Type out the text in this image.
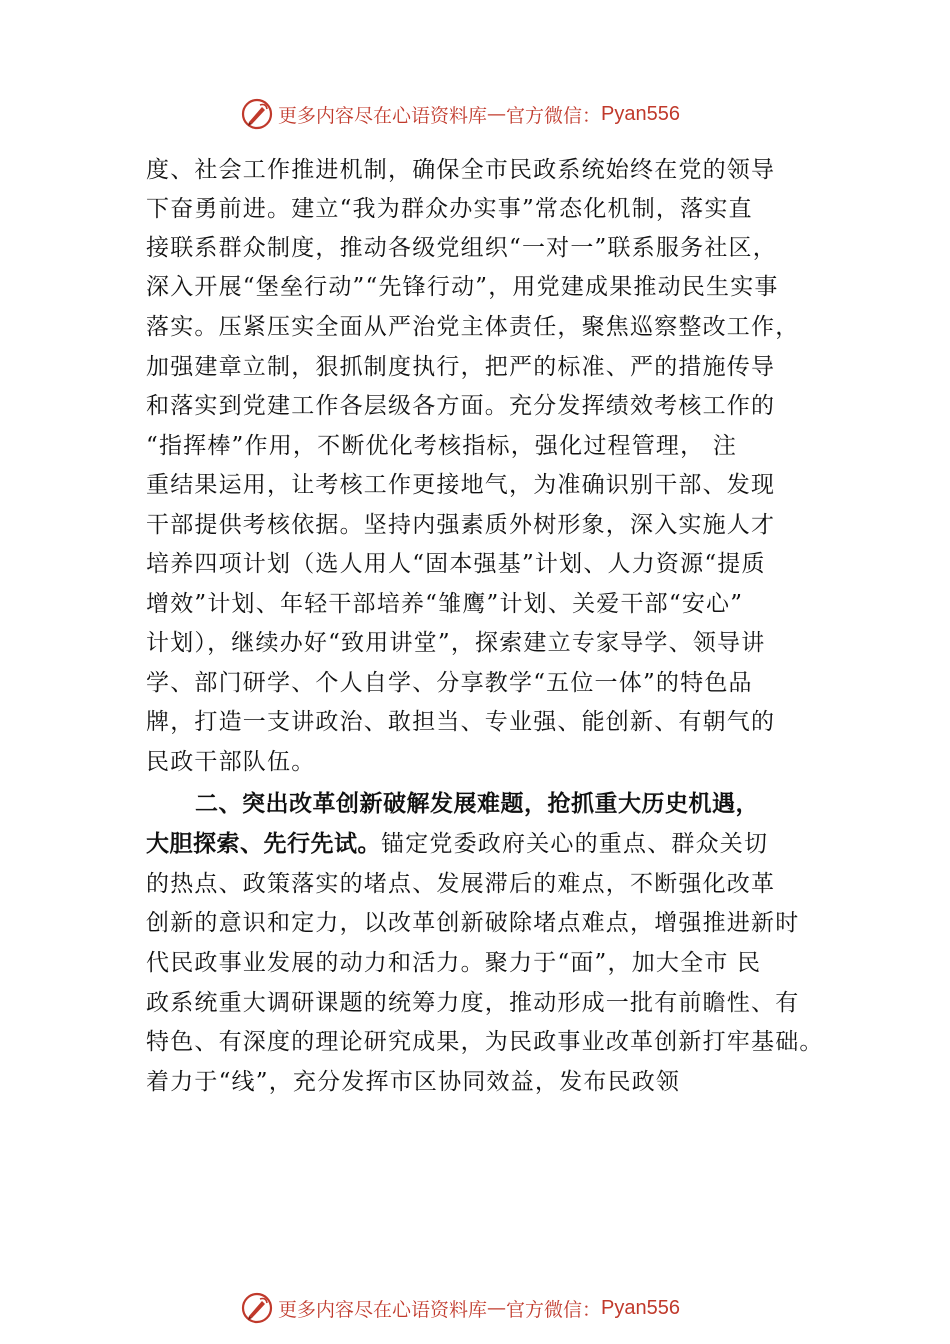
更多内容尽在心语资料库 — 官方微信： Pyan556
度、社会工作推进机制，确保全市民政系统始终在党的领导
下奋勇前进。建立“我为群众办实事”常态化机制，落实直
接联系群众制度，推动各级党组织“一对一”联系服务社区，
深入开展“堡垒行动”“先锋行动”，用党建成果推动民生实事
落实。压紧压实全面从严治党主体责任，聚焦巡察整改工作，
加强建章立制，狠抓制度执行，把严的标准、严的措施传导
和落实到党建工作各层级各方面。充分发挥绩效考核工作的
“指挥棒”作用，不断优化考核指标，强化过程管理， 注
重结果运用，让考核工作更接地气，为准确识别干部、发现
干部提供考核依据。坚持内强素质外树形象，深入实施人才
培养四项计划（选人用人“固本强基”计划、人力资源“提质
增效”计划、年轻干部培养“雏鹰”计划、关爱干部“安心”
计划），继续办好“致用讲堂”，探索建立专家导学、领导讲
学、部门研学、个人自学、分享教学“五位一体”的特色品
牌，打造一支讲政治、敢担当、专业强、能创新、有朝气的
民政干部队伍。
二、突出改革创新破解发展难题，抢抓重大历史机遇，
大胆探索、先行先试。锚定党委政府关心的重点、群众关切
的热点、政策落实的堵点、发展滞后的难点，不断强化改革
创新的意识和定力，以改革创新破除堵点难点，增强推进新时
代民政事业发展的动力和活力。聚力于“面”，加大全市 民
政系统重大调研课题的统筹力度，推动形成一批有前瞻性、有
特色、有深度的理论研究成果，为民政事业改革创新打牢基础。
着力于“线”，充分发挥市区协同效益，发布民政领
更多内容尽在心语资料库 — 官方微信： Pyan556
